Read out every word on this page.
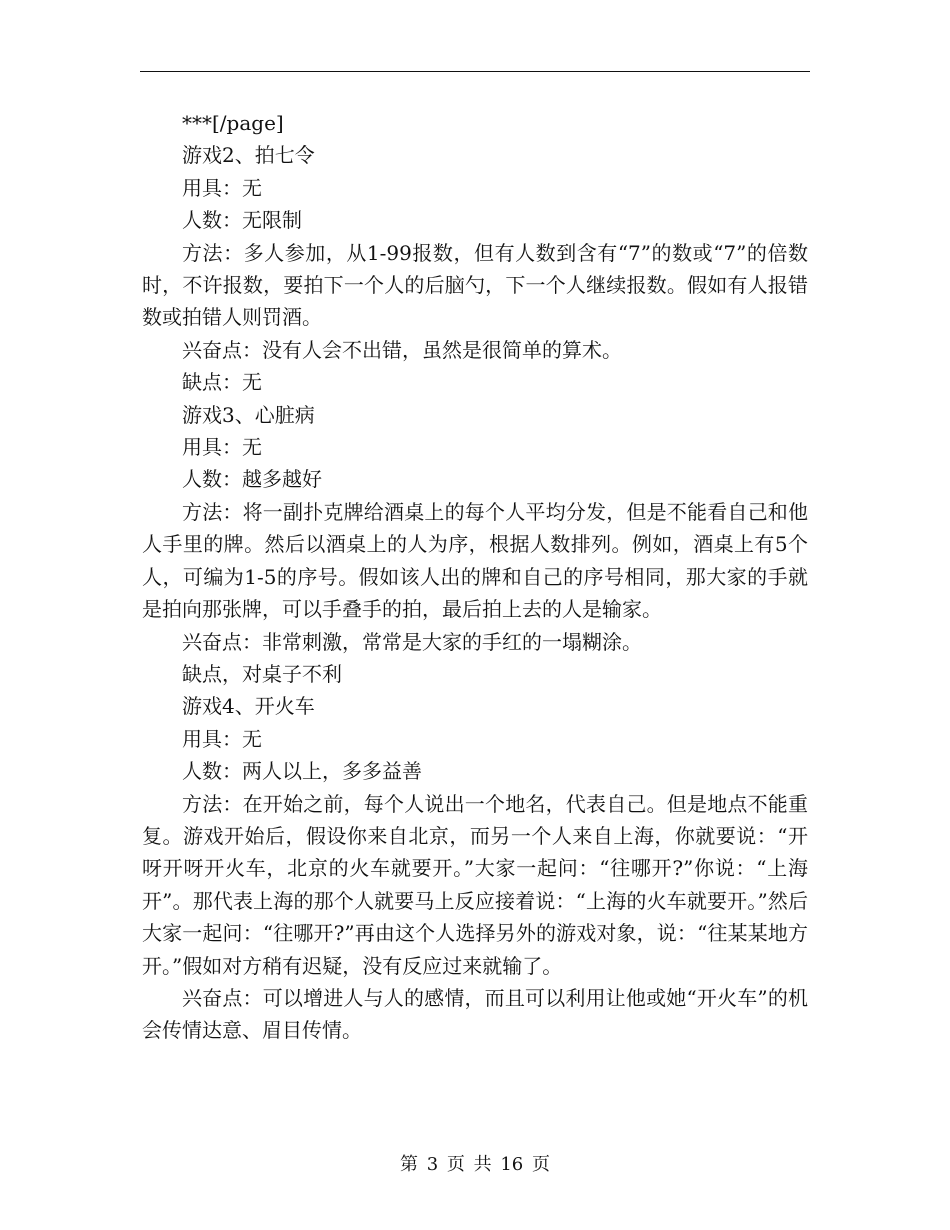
***[/page]

游戏2、拍七令

用具：无

人数：无限制

方法：多人参加，从1-99报数，但有人数到含有“7”的数或“7”的倍数时，不许报数，要拍下一个人的后脑勺，下一个人继续报数。假如有人报错数或拍错人则罚酒。

兴奋点：没有人会不出错，虽然是很简单的算术。

缺点：无

游戏3、心脏病

用具：无

人数：越多越好

方法：将一副扑克牌给酒桌上的每个人平均分发，但是不能看自己和他人手里的牌。然后以酒桌上的人为序，根据人数排列。例如，酒桌上有5个人，可编为1-5的序号。假如该人出的牌和自己的序号相同，那大家的手就是拍向那张牌，可以手叠手的拍，最后拍上去的人是输家。

兴奋点：非常刺激，常常是大家的手红的一塌糊涂。

缺点，对桌子不利

游戏4、开火车

用具：无

人数：两人以上，多多益善

方法：在开始之前，每个人说出一个地名，代表自己。但是地点不能重复。游戏开始后，假设你来自北京，而另一个人来自上海，你就要说：“开呀开呀开火车，北京的火车就要开。”大家一起问：“往哪开?”你说：“上海开”。那代表上海的那个人就要马上反应接着说：“上海的火车就要开。”然后大家一起问：“往哪开?”再由这个人选择另外的游戏对象，说：“往某某地方开。”假如对方稍有迟疑，没有反应过来就输了。

兴奋点：可以增进人与人的感情，而且可以利用让他或她“开火车”的机会传情达意、眉目传情。

第 3 页 共 16 页
